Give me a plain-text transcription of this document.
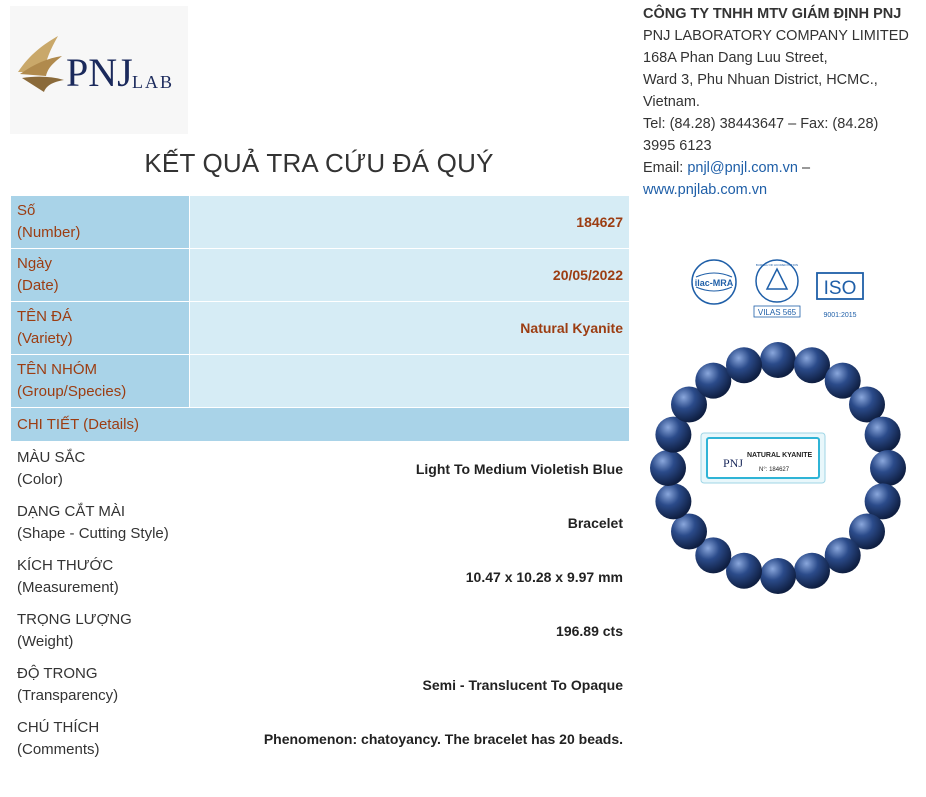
PNJ LAB
KẾT QUẢ TRA CỨU ĐÁ QUÝ
Số
(Number)	184627

Ngày
(Date)	20/05/2022

TÊN ĐÁ
(Variety)	Natural Kyanite

TÊN NHÓM
(Group/Species)	

CHI TIẾT (Details)	

MÀU SẮC
(Color)	Light To Medium Violetish Blue

DẠNG CẮT MÀI
(Shape - Cutting Style)	Bracelet

KÍCH THƯỚC
(Measurement)	10.47 x 10.28 x 9.97 mm

TRỌNG LƯỢNG
(Weight)	196.89 cts

ĐỘ TRONG
(Transparency)	Semi - Translucent To Opaque

CHÚ THÍCH
(Comments)	Phenomenon: chatoyancy. The bracelet has 20 beads.
CÔNG TY TNHH MTV GIÁM ĐỊNH PNJ
PNJ LABORATORY COMPANY LIMITED
168A Phan Dang Luu Street,
Ward 3, Phu Nhuan District, HCMC.,
Vietnam.
Tel: (84.28) 38443647 – Fax: (84.28) 3995 6123
Email: pnjl@pnjl.com.vn –
www.pnjlab.com.vn
ilac-MRA
BUREAU OF ACCREDITATION
VILAS 565
ISO
9001:2015
PNJ
NATURAL KYANITE
N°: 184627
